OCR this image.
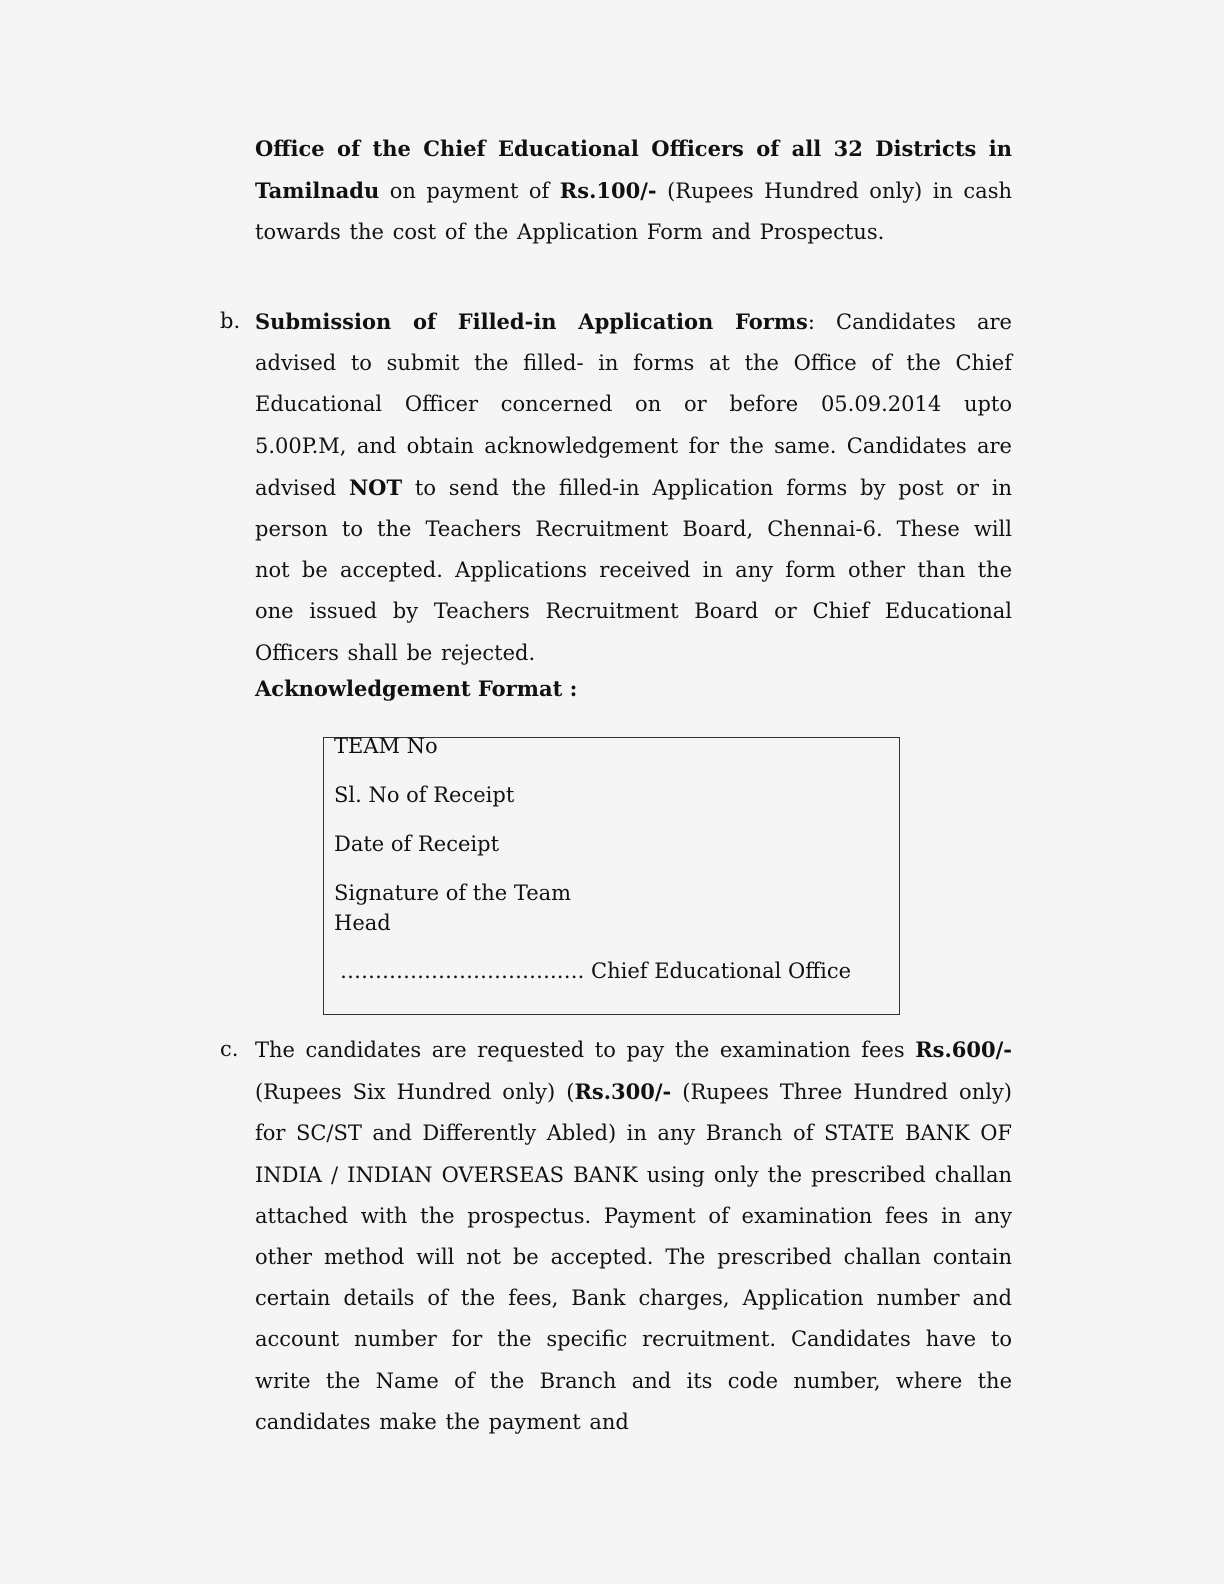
Office of the Chief Educational Officers of all 32 Districts in Tamilnadu on payment of Rs.100/- (Rupees Hundred only) in cash towards the cost of the Application Form and Prospectus.
b. Submission of Filled-in Application Forms: Candidates are advised to submit the filled- in forms at the Office of the Chief Educational Officer concerned on or before 05.09.2014 upto 5.00P.M, and obtain acknowledgement for the same. Candidates are advised NOT to send the filled-in Application forms by post or in person to the Teachers Recruitment Board, Chennai-6. These will not be accepted. Applications received in any form other than the one issued by Teachers Recruitment Board or Chief Educational Officers shall be rejected.
Acknowledgement Format :
TEAM No
Sl. No of Receipt
Date of Receipt
Signature of the Team Head
………………………….…. Chief Educational Office
c. The candidates are requested to pay the examination fees Rs.600/- (Rupees Six Hundred only) (Rs.300/- (Rupees Three Hundred only) for SC/ST and Differently Abled) in any Branch of STATE BANK OF INDIA / INDIAN OVERSEAS BANK using only the prescribed challan attached with the prospectus. Payment of examination fees in any other method will not be accepted. The prescribed challan contain certain details of the fees, Bank charges, Application number and account number for the specific recruitment. Candidates have to write the Name of the Branch and its code number, where the candidates make the payment and
